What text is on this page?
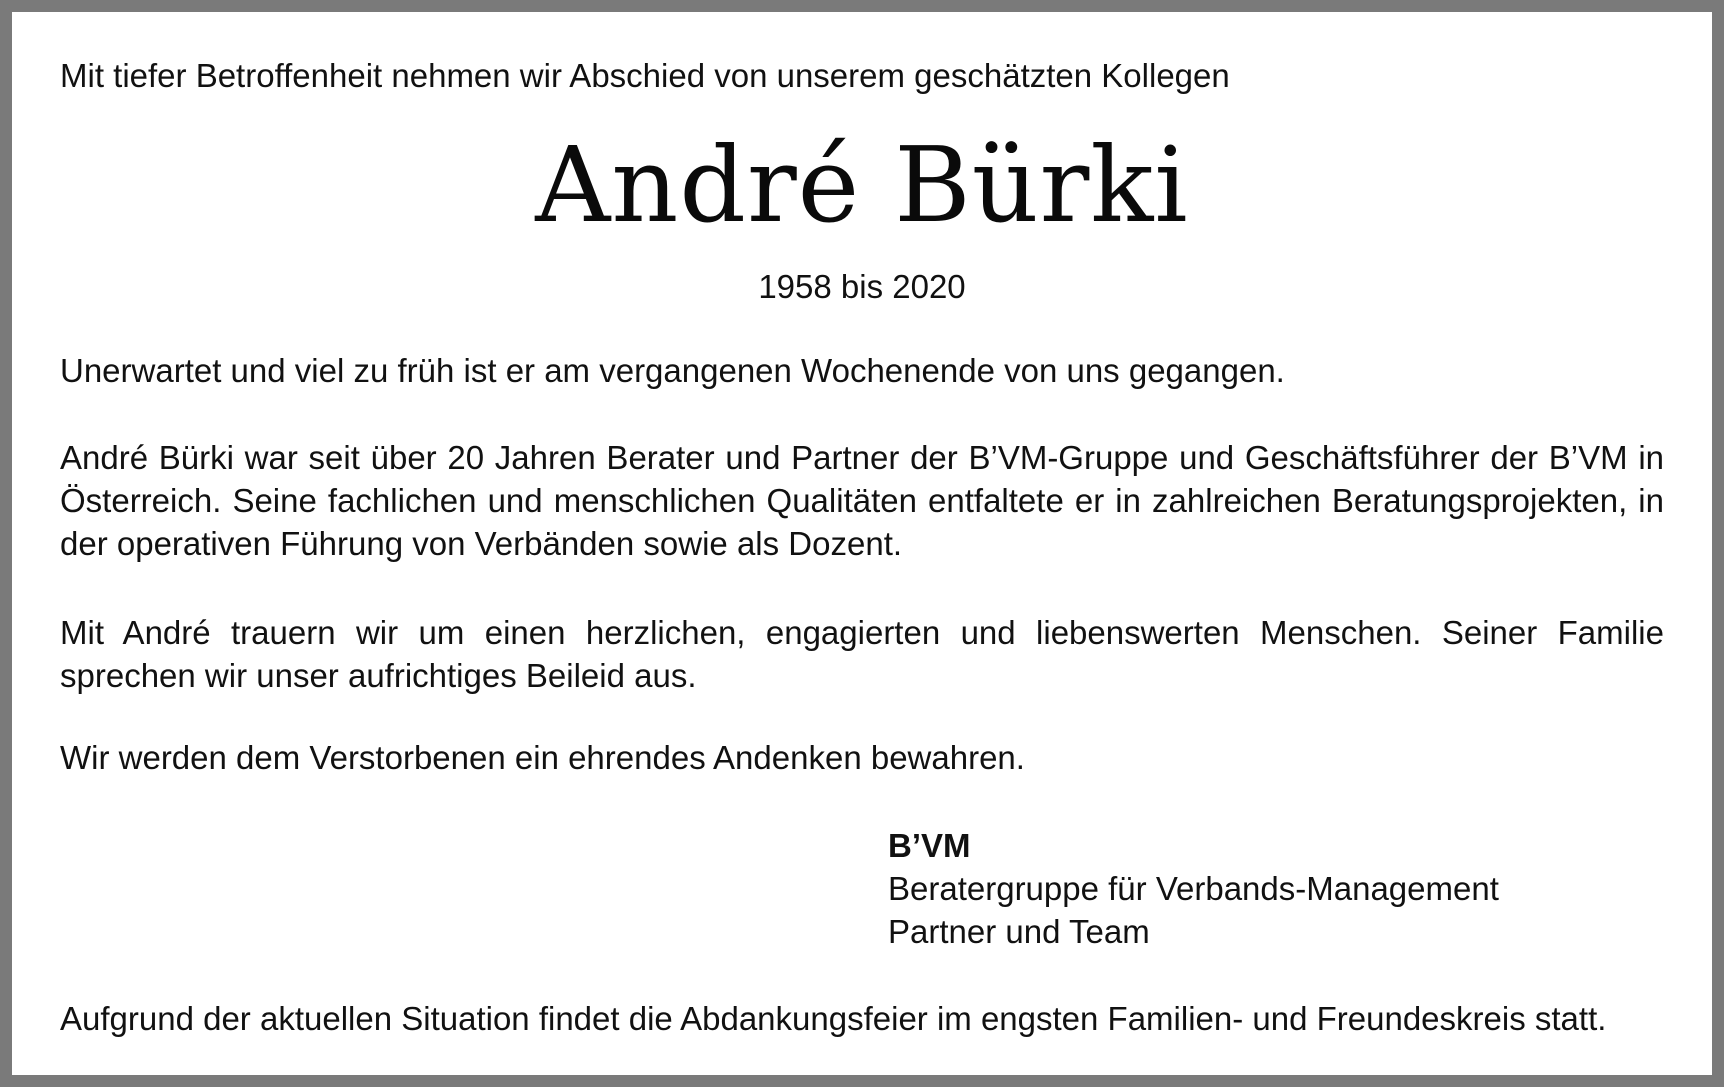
Mit tiefer Betroffenheit nehmen wir Abschied von unserem geschätzten Kollegen
André Bürki
1958 bis 2020
Unerwartet und viel zu früh ist er am vergangenen Wochenende von uns gegangen.
André Bürki war seit über 20 Jahren Berater und Partner der B’VM-Gruppe und Geschäftsführer der B’VM in Österreich. Seine fachlichen und menschlichen Qualitäten entfaltete er in zahlreichen Beratungsprojekten, in der operativen Führung von Verbänden sowie als Dozent.
Mit André trauern wir um einen herzlichen, engagierten und liebenswerten Menschen. Seiner Familie sprechen wir unser aufrichtiges Beileid aus.
Wir werden dem Verstorbenen ein ehrendes Andenken bewahren.
B’VM
Beratergruppe für Verbands-Management
Partner und Team
Aufgrund der aktuellen Situation findet die Abdankungsfeier im engsten Familien- und Freundeskreis statt.
